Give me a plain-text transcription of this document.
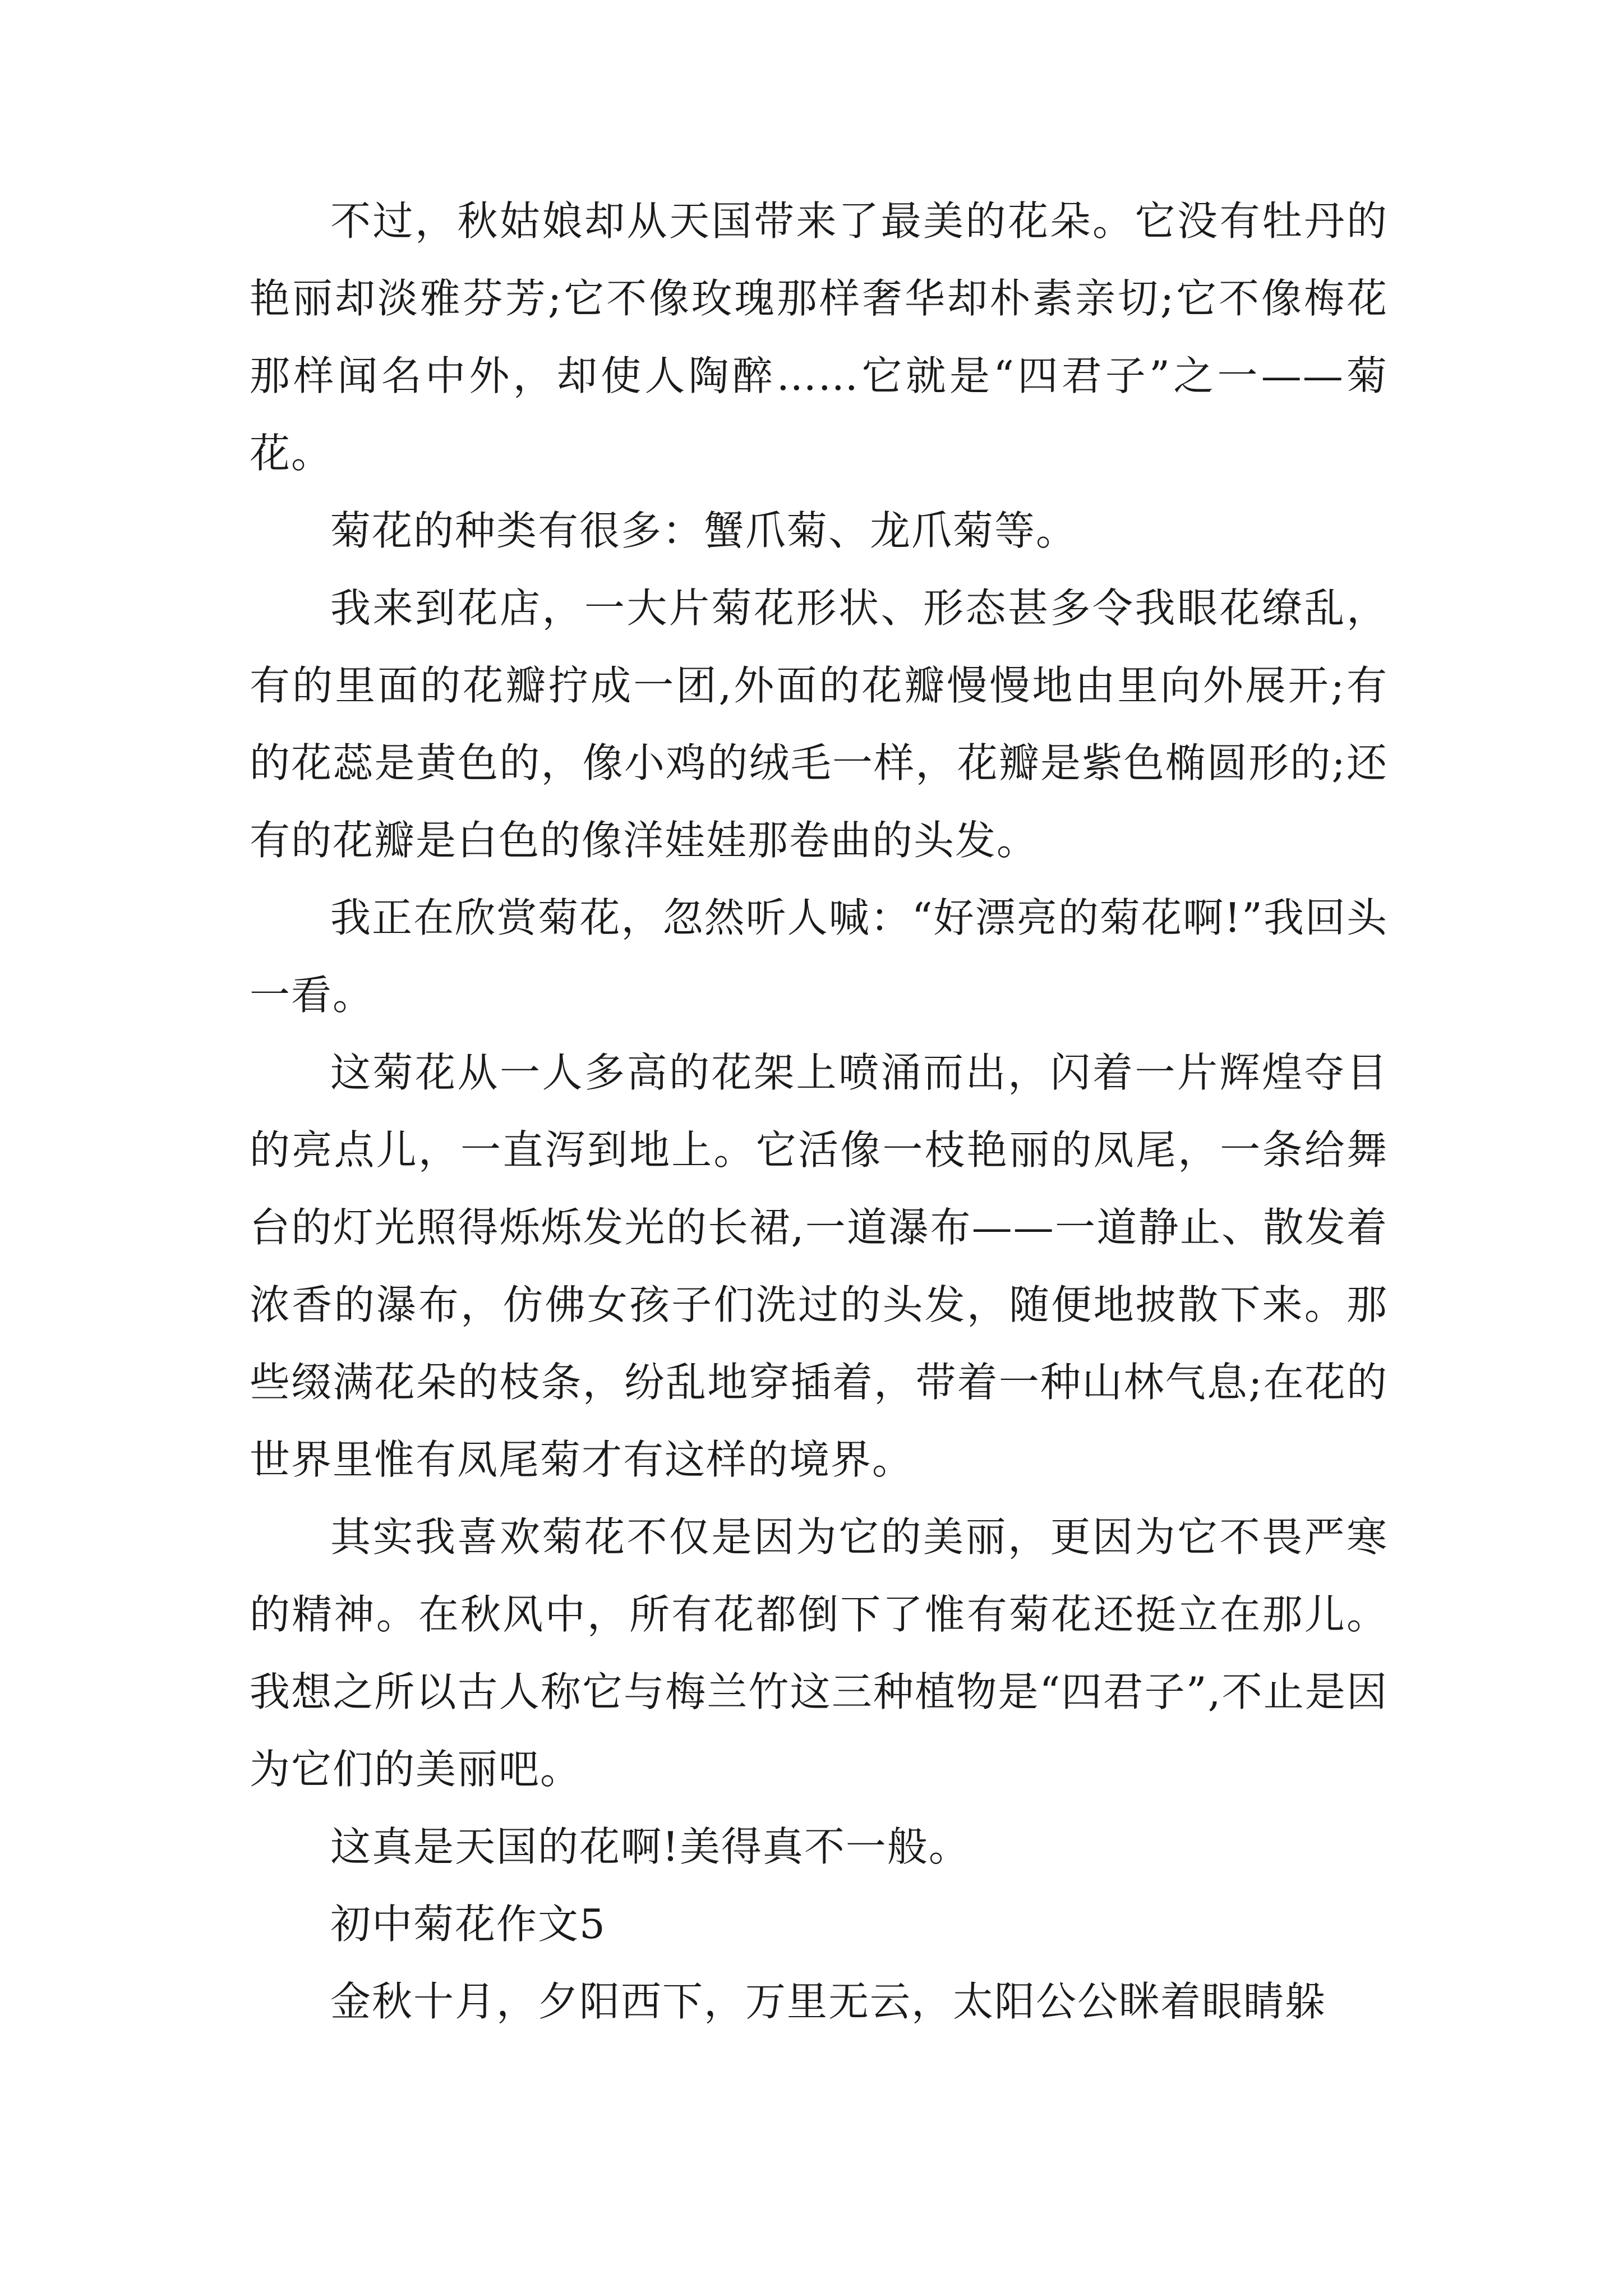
不过，秋姑娘却从天国带来了最美的花朵。它没有牡丹的艳丽却淡雅芬芳;它不像玫瑰那样奢华却朴素亲切;它不像梅花那样闻名中外，却使人陶醉……它就是“四君子”之一——菊花。

菊花的种类有很多：蟹爪菊、龙爪菊等。

我来到花店，一大片菊花形状、形态甚多令我眼花缭乱，有的里面的花瓣拧成一团,外面的花瓣慢慢地由里向外展开;有的花蕊是黄色的，像小鸡的绒毛一样，花瓣是紫色椭圆形的;还有的花瓣是白色的像洋娃娃那卷曲的头发。

我正在欣赏菊花，忽然听人喊：“好漂亮的菊花啊!”我回头一看。

这菊花从一人多高的花架上喷涌而出，闪着一片辉煌夺目的亮点儿，一直泻到地上。它活像一枝艳丽的凤尾，一条给舞台的灯光照得烁烁发光的长裙,一道瀑布——一道静止、散发着浓香的瀑布，仿佛女孩子们洗过的头发，随便地披散下来。那些缀满花朵的枝条，纷乱地穿插着，带着一种山林气息;在花的世界里惟有凤尾菊才有这样的境界。

其实我喜欢菊花不仅是因为它的美丽，更因为它不畏严寒的精神。在秋风中，所有花都倒下了惟有菊花还挺立在那儿。我想之所以古人称它与梅兰竹这三种植物是“四君子”,不止是因为它们的美丽吧。

这真是天国的花啊!美得真不一般。

初中菊花作文5

金秋十月，夕阳西下，万里无云，太阳公公眯着眼睛躲
